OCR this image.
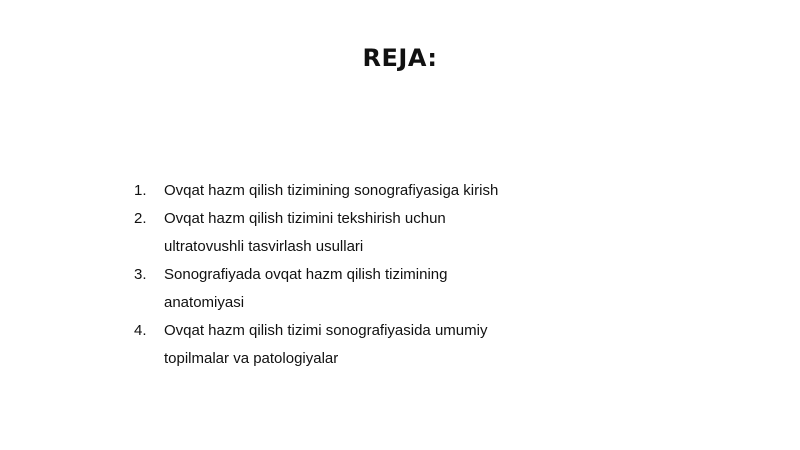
REJA:
1.	Ovqat hazm qilish tizimining sonografiyasiga kirish
2.	Ovqat hazm qilish tizimini tekshirish uchun
ultratovushli tasvirlash usullari
3.	Sonografiyada ovqat hazm qilish tizimining
anatomiyasi
4.	Ovqat hazm qilish tizimi sonografiyasida umumiy
topilmalar va patologiyalar
